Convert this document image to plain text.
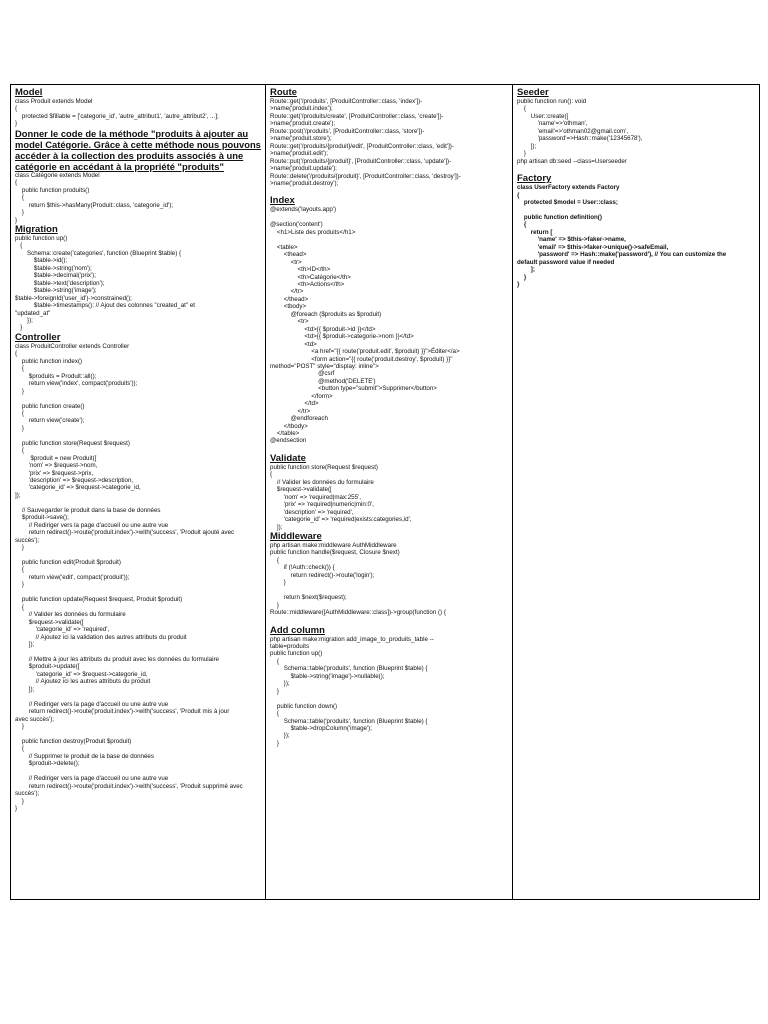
Model
class Produit extends Model
{
protected $fillable = ['categorie_id', 'autre_attribut1', 'autre_attribut2', ...];
}
Donner le code de la méthode "produits à ajouter au model Catégorie. Grâce à cette méthode nous pouvons accéder à la collection des produits associés à une catégorie en accédant à la propriété "produits"
class Catégorie extends Model
{
public function produits()
{
return $this->hasMany(Produit::class, 'categorie_id');
}
}
Migration
public function up()
{
Schema::create('categories', function (Blueprint $table) {
$table->id();
$table->string('nom');
$table->decimal('prix');
$table->text('description');
$table->string('image');
$table->foreignId('user_id')->constrained();
$table->timestamps(); // Ajout des colonnes "created_at" et
"updated_at"
});
}
Controller
class ProduitController extends Controller
{
public function index()
{
$produits = Produit::all();
return view('index', compact('produits'));
}

public function create()
{
return view('create');
}

public function store(Request $request)
{
$produit = new Produit([
'nom' => $request->nom,
'prix' => $request->prix,
'description' => $request->description,
'categorie_id' => $request->categorie_id,
]);

// Sauvegarder le produit dans la base de données
$produit->save();
// Rediriger vers la page d'accueil ou une autre vue
return redirect()->route('produit.index')->with('success', 'Produit ajouté avec
succès');
}

public function edit(Produit $produit)
{
return view('edit', compact('produit'));
}

public function update(Request $request, Produit $produit)
{
// Valider les données du formulaire
$request->validate([
'categorie_id' => 'required',
// Ajoutez ici la validation des autres attributs du produit
]);

// Mettre à jour les attributs du produit avec les données du formulaire
$produit->update([
'categorie_id' => $request->categorie_id,
// Ajoutez ici les autres attributs du produit
]);

// Rediriger vers la page d'accueil ou une autre vue
return redirect()->route('produit.index')->with('success', 'Produit mis à jour
avec succès');
}

public function destroy(Produit $produit)
{
// Supprimer le produit de la base de données
$produit->delete();

// Rediriger vers la page d'accueil ou une autre vue
return redirect()->route('produit.index')->with('success', 'Produit supprimé avec
succès');
}
}
Route
Route::get('/produits', [ProduitController::class, 'index'])-
>name('produit.index');
Route::get('/produits/create', [ProduitController::class, 'create'])-
>name('produit.create');
Route::post('/produits', [ProduitController::class, 'store'])-
>name('produit.store');
Route::get('/produits/{produit}/edit', [ProduitController::class, 'edit'])-
>name('produit.edit');
Route::put('/produits/{produit}', [ProduitController::class, 'update'])-
>name('produit.update');
Route::delete('/produits/{produit}', [ProduitController::class, 'destroy'])-
>name('produit.destroy');
Index
@extends('layouts.app')

@section('content')
<h1>Liste des produits</h1>

<table>
<thead>
<tr>
<th>ID</th>
<th>Catégorie</th>
<th>Actions</th>
</tr>
</thead>
<tbody>
@foreach ($produits as $produit)
<tr>
<td>{{ $produit->id }}</td>
<td>{{ $produit->categorie->nom }}</td>
<td>
<a href="{{ route('produit.edit', $produit) }}">Éditer</a>
<form action="{{ route('produit.destroy', $produit) }}"
method="POST" style="display: inline">
@csrf
@method('DELETE')
<button type="submit">Supprimer</button>
</form>
</td>
</tr>
@endforeach
</tbody>
</table>
@endsection
Validate
public function store(Request $request)
{
// Valider les données du formulaire
$request->validate([
'nom' => 'required|max:255',
'prix' => 'required|numeric|min:0',
'description' => 'required',
'categorie_id' => 'required|exists:categories,id',
]);
Middleware
php artisan make:middleware AuthMiddleware
public function handle($request, Closure $next)
{
if (!Auth::check()) {
return redirect()->route('login');
}

return $next($request);
}
Route::middleware([AuthMiddleware::class])->group(function () {
Add column
php artisan make:migration add_image_to_produits_table --
table=produits
public function up()
{
Schema::table('produits', function (Blueprint $table) {
$table->string('image')->nullable();
});
}

public function down()
{
Schema::table('produits', function (Blueprint $table) {
$table->dropColumn('image');
});
}
Seeder
public function run(): void
{
User::create([
'name'=>'othman',
'email'=>'othman02@gmail.com',
'password'=>Hash::make('12345678'),
]);
}
php artisan db:seed --class=Userseeder
Factory
class UserFactory extends Factory
{
protected $model = User::class;

public function definition()
{
return [
'name' => $this->faker->name,
'email' => $this->faker->unique()->safeEmail,
'password' => Hash::make('password'), // You can customize the
default password value if needed
];
}
}
